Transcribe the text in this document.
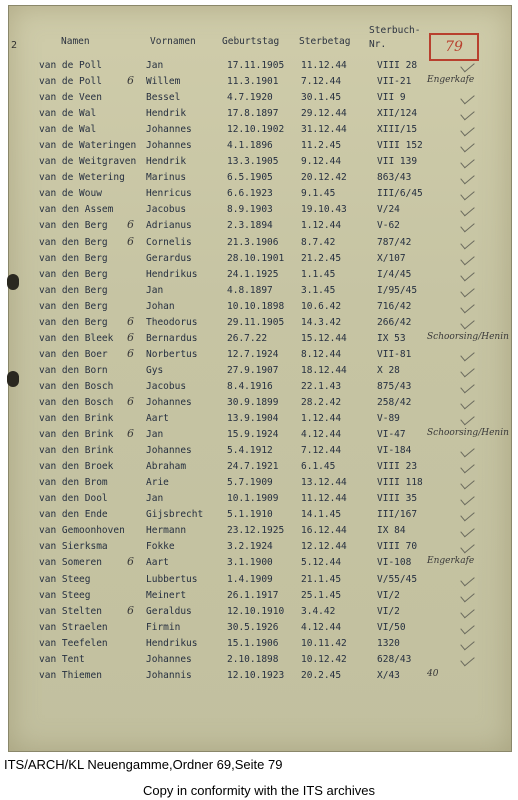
2	79
Namen	Vornamen	Geburtstag Sterbetag
Sterbuch-
Nr.
van de Poll	Jan	17.11.1905 11.12.44	VIII 28
van de Poll	Willem	11.3.1901 7.12.44	VII-21
6	Engerkafe
van de Veen	Bessel	4.7.1920	30.1.45	VII 9
van de Wal	Hendrik	17.8.1897 29.12.44	XII/124
van de Wal	Johannes	12.10.1902 31.12.44	XIII/15
van de Wateringen	Johannes	4.1.1896	11.2.45	VIII 152
van de Weitgraven	Hendrik	13.3.1905 9.12.44	VII 139
van de Wetering	Marinus	6.5.1905	20.12.42	863/43
van de Wouw	Henricus	6.6.1923	9.1.45	III/6/45
van den Assem	Jacobus	8.9.1903	19.10.43	V/24
van den Berg	Adrianus	2.3.1894	1.12.44	V-62
6
van den Berg	Cornelis	21.3.1906 8.7.42	787/42
6
van den Berg	Gerardus	28.10.1901 21.2.45	X/107
van den Berg	Hendrikus	24.1.1925 1.1.45	I/4/45
van den Berg	Jan	4.8.1897	3.1.45	I/95/45
van den Berg	Johan	10.10.1898 10.6.42	716/42
van den Berg	Theodorus	29.11.1905 14.3.42	266/42
6
van den Bleek	Bernardus	26.7.22	15.12.44	IX 53
6	Schoorsing/Henin
van den Boer	Norbertus	12.7.1924 8.12.44	VII-81
6
van den Born	Gys	27.9.1907 18.12.44	X 28
van den Bosch	Jacobus	8.4.1916	22.1.43	875/43
van den Bosch	Johannes	30.9.1899 28.2.42	258/42
6
van den Brink	Aart	13.9.1904 1.12.44	V-89
van den Brink	Jan	15.9.1924 4.12.44	VI-47
6	Schoorsing/Henin
van den Brink	Johannes	5.4.1912	7.12.44	VI-184
van den Broek	Abraham	24.7.1921 6.1.45	VIII 23
van den Brom	Arie	5.7.1909	13.12.44	VIII 118
van den Dool	Jan	10.1.1909 11.12.44	VIII 35
van den Ende	Gijsbrecht	5.1.1910	14.1.45	III/167
van Gemoonhoven	Hermann	23.12.1925 16.12.44	IX 84
van Sierksma	Fokke	3.2.1924	12.12.44	VIII 70
van Someren	Aart	3.1.1900	5.12.44	VI-108
6	Engerkafe
van Steeg	Lubbertus	1.4.1909	21.1.45	V/55/45
van Steeg	Meinert	26.1.1917 25.1.45	VI/2
van Stelten	Geraldus	12.10.1910 3.4.42	VI/2
6
van Straelen	Firmin	30.5.1926 4.12.44	VI/50
van Teefelen	Hendrikus	15.1.1906 10.11.42	1320
van Tent	Johannes	2.10.1898 10.12.42	628/43
van Thiemen	Johannis	12.10.1923 20.2.45	X/43	40
ITS/ARCH/KL Neuengamme,Ordner 69,Seite 79
Copy in conformity with the ITS archives
